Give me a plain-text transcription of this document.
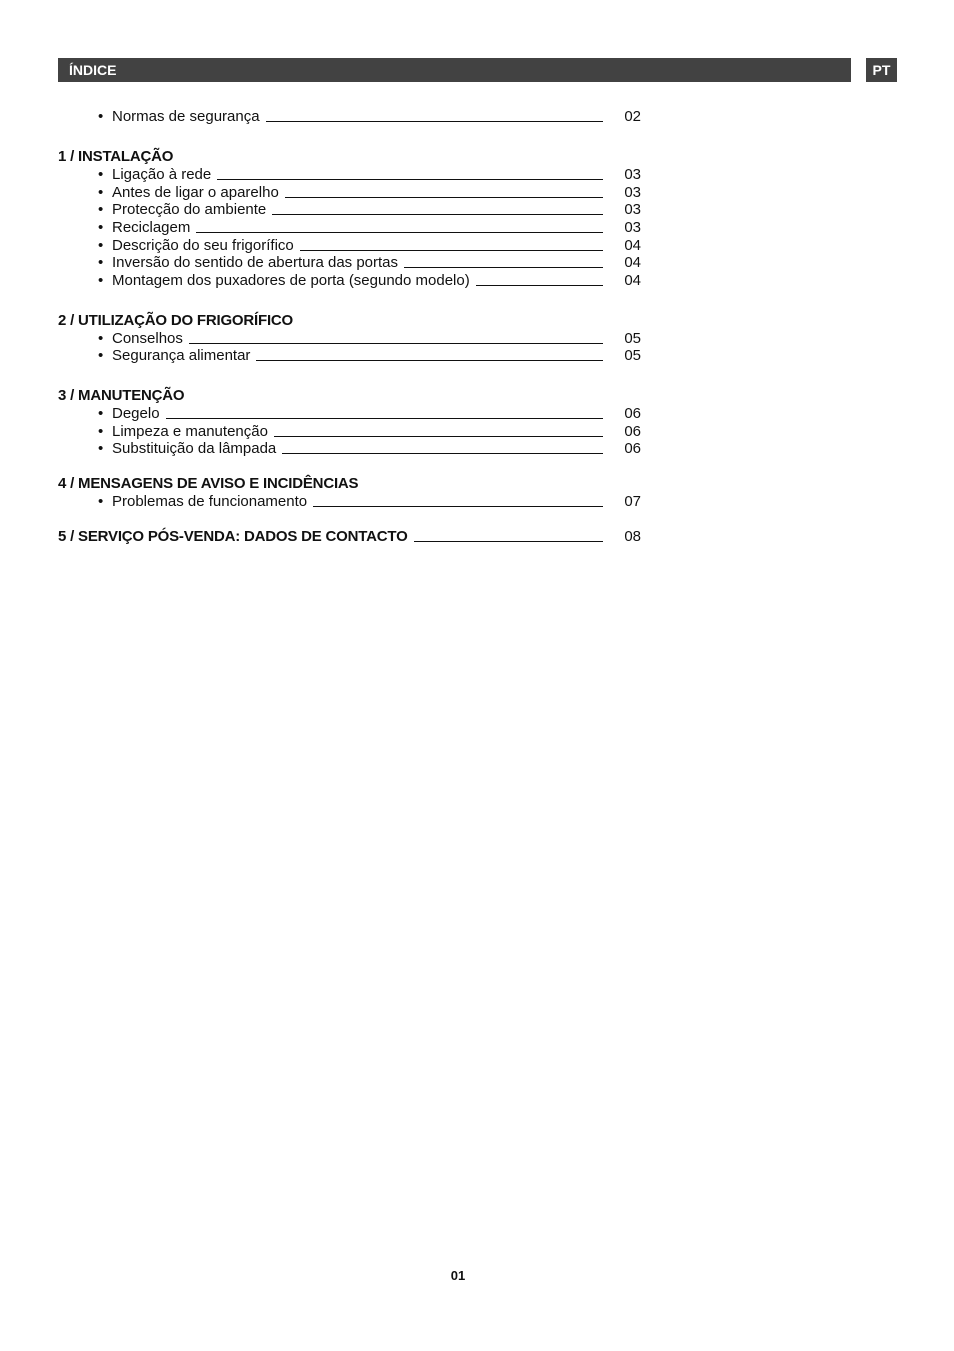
ÍNDICE	PT
• Normas de segurança	02
1 / INSTALAÇÃO
• Ligação à rede	03
• Antes de ligar o aparelho	03
• Protecção do ambiente	03
• Reciclagem	03
• Descrição do seu frigorífico	04
• Inversão do sentido de abertura das portas	04
• Montagem dos puxadores de porta (segundo modelo)	04
2 / UTILIZAÇÃO DO FRIGORÍFICO
• Conselhos	05
• Segurança alimentar	05
3 / MANUTENÇÃO
• Degelo	06
• Limpeza e manutenção	06
• Substituição da lâmpada	06
4 / MENSAGENS DE AVISO E INCIDÊNCIAS
• Problemas de funcionamento	07
5 / SERVIÇO PÓS-VENDA: DADOS DE CONTACTO	08
01
